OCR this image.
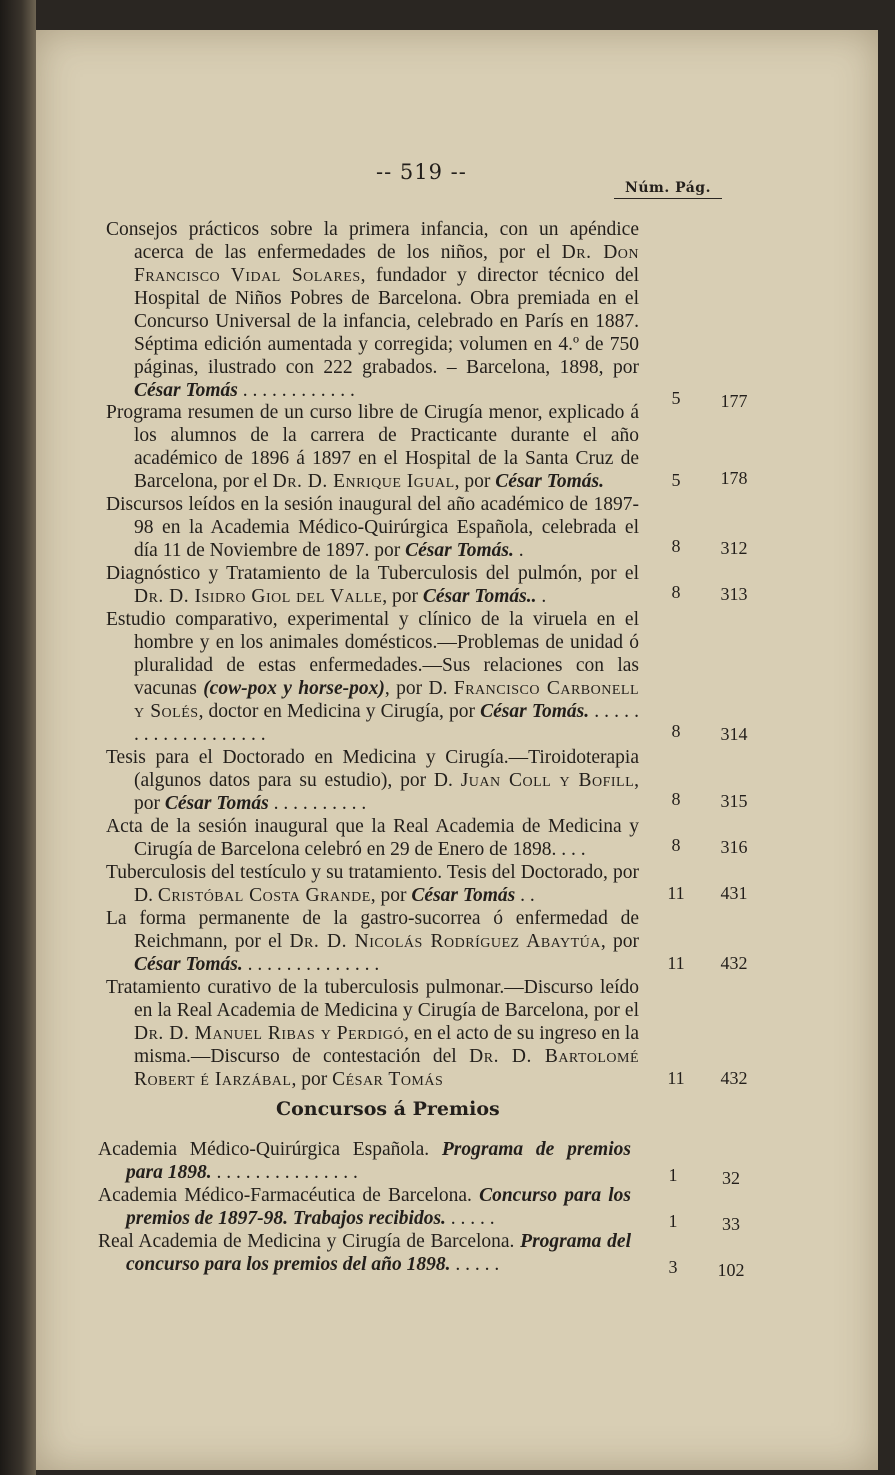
-- 519 --
Núm. Pág.
Consejos prácticos sobre la primera infancia, con un apéndice acerca de las enfermedades de los niños, por el Dr. Don Francisco Vidal Solares, fundador y director técnico del Hospital de Niños Pobres de Barcelona. Obra premiada en el Concurso Universal de la infancia, celebrado en París en 1887. Séptima edición aumentada y corregida; volumen en 4.º de 750 páginas, ilustrado con 222 grabados. – Barcelona, 1898, por César Tomás . . . . . . . . . . . .	5	177
Programa resumen de un curso libre de Cirugía menor, explicado á los alumnos de la carrera de Practicante durante el año académico de 1896 á 1897 en el Hospital de la Santa Cruz de Barcelona, por el Dr. D. Enrique Igual, por César Tomás.	5	178
Discursos leídos en la sesión inaugural del año académico de 1897-98 en la Academia Médico-Quirúrgica Española, celebrada el día 11 de Noviembre de 1897. por César Tomás. .	8	312
Diagnóstico y Tratamiento de la Tuberculosis del pulmón, por el Dr. D. Isidro Giol del Valle, por César Tomás.. .	8	313
Estudio comparativo, experimental y clínico de la viruela en el hombre y en los animales domésticos.—Problemas de unidad ó pluralidad de estas enfermedades.—Sus relaciones con las vacunas (cow-pox y horse-pox), por D. Francisco Carbonell y Solés, doctor en Medicina y Cirugía, por César Tomás. . . . . . . . . . . . . . . . . . . .	8	314
Tesis para el Doctorado en Medicina y Cirugía.—Tiroidoterapia (algunos datos para su estudio), por D. Juan Coll y Bofill, por César Tomás . . . . . . . . . .	8	315
Acta de la sesión inaugural que la Real Academia de Medicina y Cirugía de Barcelona celebró en 29 de Enero de 1898. . . .	8	316
Tuberculosis del testículo y su tratamiento. Tesis del Doctorado, por D. Cristóbal Costa Grande, por César Tomás . .	11	431
La forma permanente de la gastro-sucorrea ó enfermedad de Reichmann, por el Dr. D. Nicolás Rodríguez Abaytúa, por César Tomás. . . . . . . . . . . . . . .	11	432
Tratamiento curativo de la tuberculosis pulmonar.—Discurso leído en la Real Academia de Medicina y Cirugía de Barcelona, por el Dr. D. Manuel Ribas y Perdigó, en el acto de su ingreso en la misma.—Discurso de contestación del Dr. D. Bartolomé Robert é Iarzábal, por César Tomás	11	432
Concursos á Premios
Academia Médico-Quirúrgica Española. Programa de premios para 1898. . . . . . . . . . . . . . . .	1	32
Academia Médico-Farmacéutica de Barcelona. Concurso para los premios de 1897-98. Trabajos recibidos. . . . . .	1	33
Real Academia de Medicina y Cirugía de Barcelona. Programa del concurso para los premios del año 1898. . . . . .	3	102
